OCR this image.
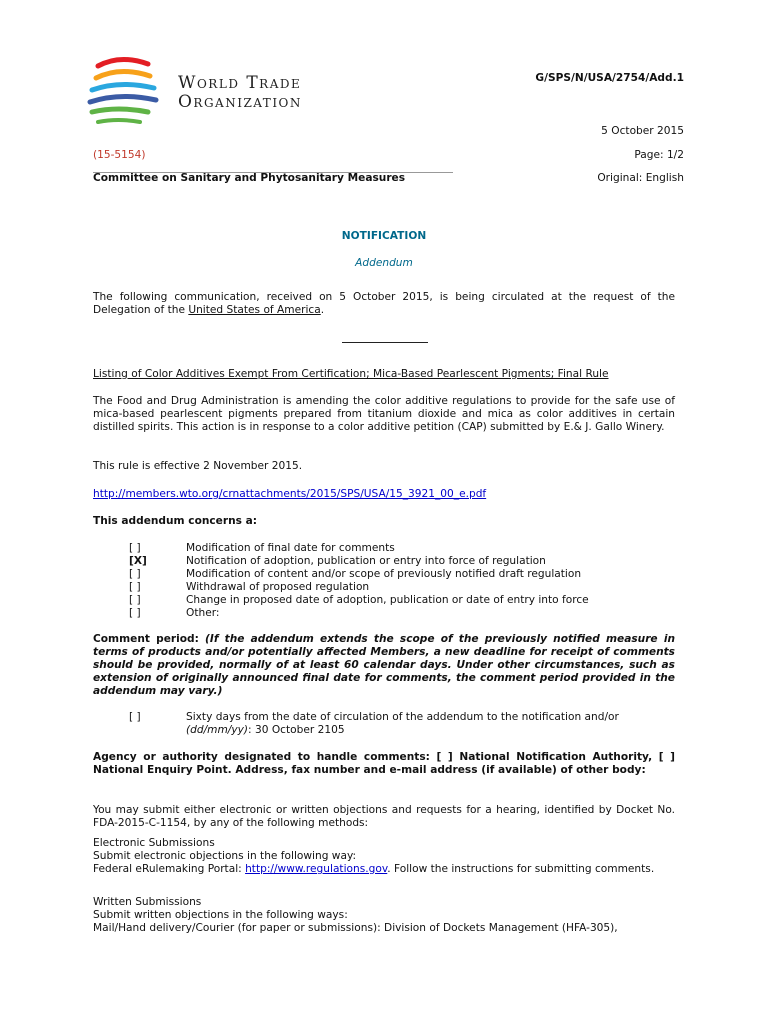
World Trade
Organization
G/SPS/N/USA/2754/Add.1
5 October 2015
(15-5154)	Page: 1/2
Committee on Sanitary and Phytosanitary Measures	Original: English
NOTIFICATION
Addendum
The following communication, received on 5 October 2015, is being circulated at the request of the Delegation of the United States of America.
Listing of Color Additives Exempt From Certification; Mica-Based Pearlescent Pigments; Final Rule
The Food and Drug Administration is amending the color additive regulations to provide for the safe use of mica-based pearlescent pigments prepared from titanium dioxide and mica as color additives in certain distilled spirits. This action is in response to a color additive petition (CAP) submitted by E.& J. Gallo Winery.
This rule is effective 2 November 2015.
http://members.wto.org/crnattachments/2015/SPS/USA/15_3921_00_e.pdf
This addendum concerns a:
[ ]	Modification of final date for comments
[X]	Notification of adoption, publication or entry into force of regulation
[ ]	Modification of content and/or scope of previously notified draft regulation
[ ]	Withdrawal of proposed regulation
[ ]	Change in proposed date of adoption, publication or date of entry into force
[ ]	Other:
Comment period: (If the addendum extends the scope of the previously notified measure in terms of products and/or potentially affected Members, a new deadline for receipt of comments should be provided, normally of at least 60 calendar days. Under other circumstances, such as extension of originally announced final date for comments, the comment period provided in the addendum may vary.)
[ ]	Sixty days from the date of circulation of the addendum to the notification and/or (dd/mm/yy): 30 October 2105
Agency or authority designated to handle comments: [ ] National Notification Authority, [ ] National Enquiry Point. Address, fax number and e-mail address (if available) of other body:
You may submit either electronic or written objections and requests for a hearing, identified by Docket No. FDA-2015-C-1154, by any of the following methods:
Electronic Submissions
Submit electronic objections in the following way:
Federal eRulemaking Portal: http://www.regulations.gov. Follow the instructions for submitting comments.
Written Submissions
Submit written objections in the following ways:
Mail/Hand delivery/Courier (for paper or submissions): Division of Dockets Management (HFA-305),
